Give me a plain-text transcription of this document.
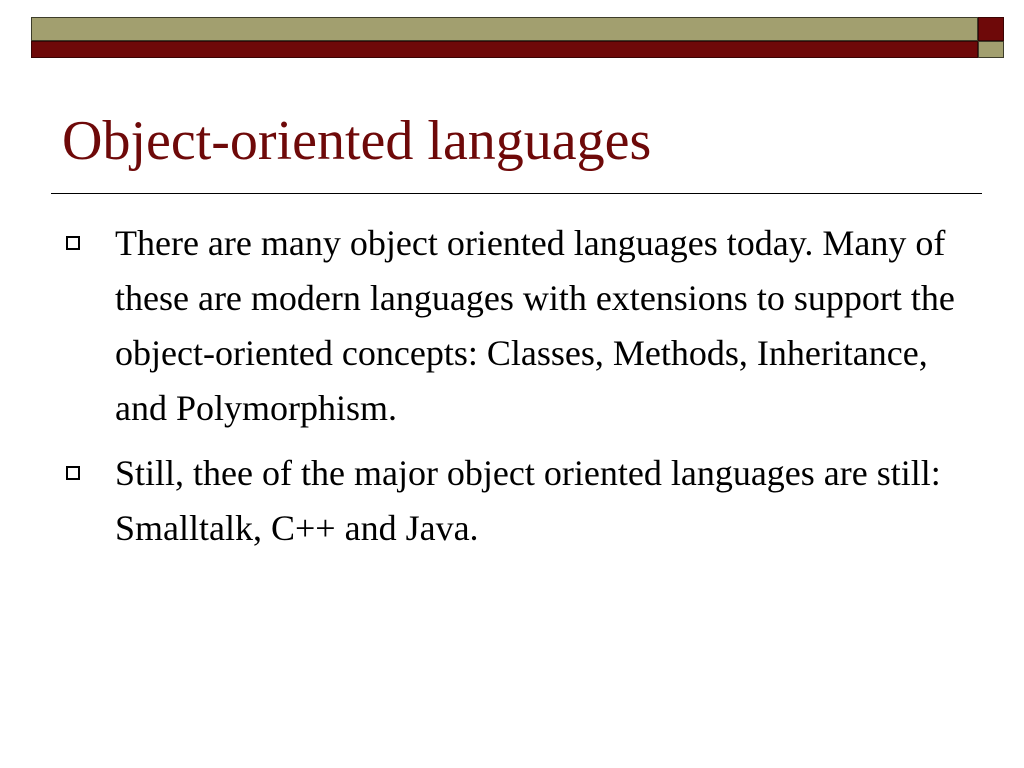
Object-oriented languages
There are many object oriented languages today. Many of these are modern languages with extensions to support the object-oriented concepts: Classes, Methods, Inheritance, and Polymorphism.
Still, thee of the major object oriented languages are still: Smalltalk, C++ and Java.
